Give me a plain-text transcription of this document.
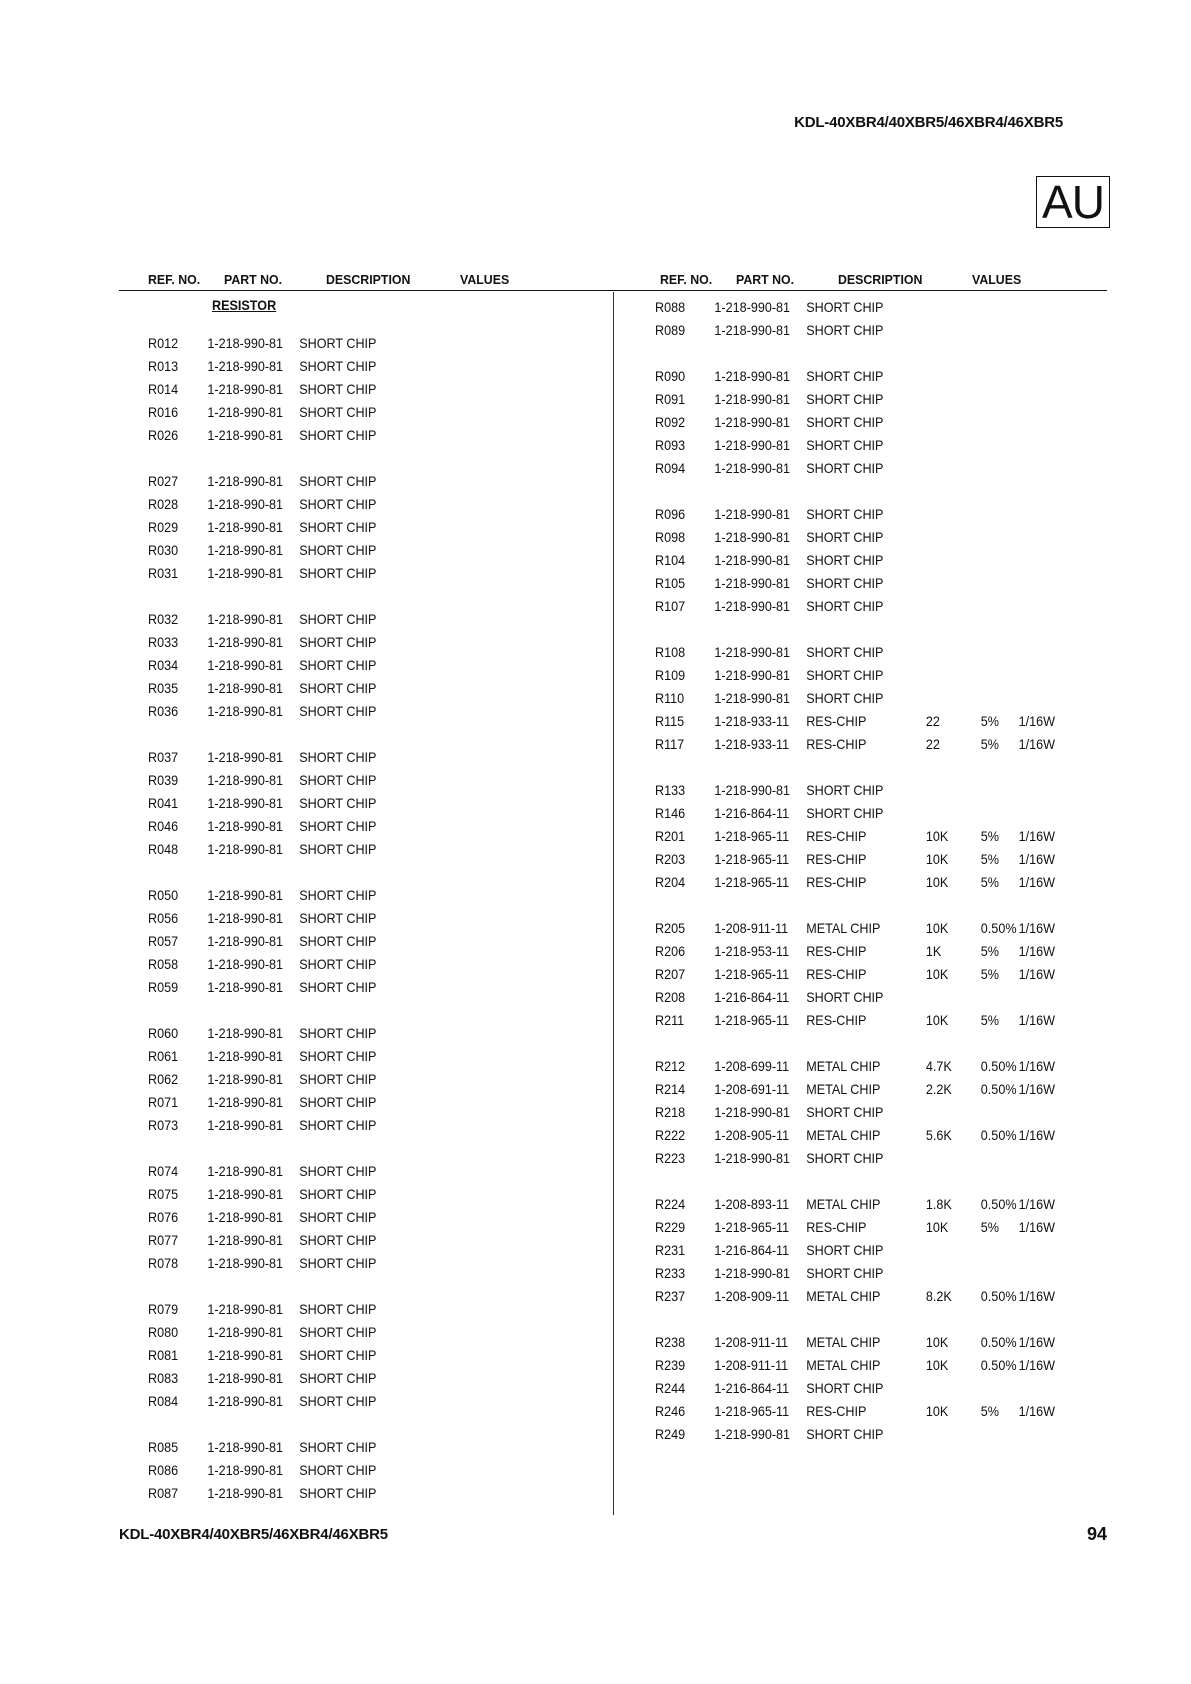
KDL-40XBR4/40XBR5/46XBR4/46XBR5
AU
REF. NO. PART NO.	DESCRIPTION	VALUES	REF. NO. PART NO.	DESCRIPTION	VALUES
RESISTOR
R012 1-218-990-81 SHORT CHIP
R013 1-218-990-81 SHORT CHIP
R014 1-218-990-81 SHORT CHIP
R016 1-218-990-81 SHORT CHIP
R026 1-218-990-81 SHORT CHIP
R027 1-218-990-81 SHORT CHIP
R028 1-218-990-81 SHORT CHIP
R029 1-218-990-81 SHORT CHIP
R030 1-218-990-81 SHORT CHIP
R031 1-218-990-81 SHORT CHIP
R032 1-218-990-81 SHORT CHIP
R033 1-218-990-81 SHORT CHIP
R034 1-218-990-81 SHORT CHIP
R035 1-218-990-81 SHORT CHIP
R036 1-218-990-81 SHORT CHIP
R037 1-218-990-81 SHORT CHIP
R039 1-218-990-81 SHORT CHIP
R041 1-218-990-81 SHORT CHIP
R046 1-218-990-81 SHORT CHIP
R048 1-218-990-81 SHORT CHIP
R050 1-218-990-81 SHORT CHIP
R056 1-218-990-81 SHORT CHIP
R057 1-218-990-81 SHORT CHIP
R058 1-218-990-81 SHORT CHIP
R059 1-218-990-81 SHORT CHIP
R060 1-218-990-81 SHORT CHIP
R061 1-218-990-81 SHORT CHIP
R062 1-218-990-81 SHORT CHIP
R071 1-218-990-81 SHORT CHIP
R073 1-218-990-81 SHORT CHIP
R074 1-218-990-81 SHORT CHIP
R075 1-218-990-81 SHORT CHIP
R076 1-218-990-81 SHORT CHIP
R077 1-218-990-81 SHORT CHIP
R078 1-218-990-81 SHORT CHIP
R079 1-218-990-81 SHORT CHIP
R080 1-218-990-81 SHORT CHIP
R081 1-218-990-81 SHORT CHIP
R083 1-218-990-81 SHORT CHIP
R084 1-218-990-81 SHORT CHIP
R085 1-218-990-81 SHORT CHIP
R086 1-218-990-81 SHORT CHIP
R087 1-218-990-81 SHORT CHIP
R088 1-218-990-81 SHORT CHIP
R089 1-218-990-81 SHORT CHIP
R090 1-218-990-81 SHORT CHIP
R091 1-218-990-81 SHORT CHIP
R092 1-218-990-81 SHORT CHIP
R093 1-218-990-81 SHORT CHIP
R094 1-218-990-81 SHORT CHIP
R096 1-218-990-81 SHORT CHIP
R098 1-218-990-81 SHORT CHIP
R104 1-218-990-81 SHORT CHIP
R105 1-218-990-81 SHORT CHIP
R107 1-218-990-81 SHORT CHIP
R108 1-218-990-81 SHORT CHIP
R109 1-218-990-81 SHORT CHIP
R110 1-218-990-81 SHORT CHIP
R115 1-218-933-11 RES-CHIP	22	5% 1/16W
R117 1-218-933-11 RES-CHIP	22	5% 1/16W
R133 1-218-990-81 SHORT CHIP
R146 1-216-864-11 SHORT CHIP
R201 1-218-965-11 RES-CHIP	10K 5% 1/16W
R203 1-218-965-11 RES-CHIP	10K 5% 1/16W
R204 1-218-965-11 RES-CHIP	10K 5% 1/16W
R205 1-208-911-11 METAL CHIP	10K 0.50% 1/16W
R206 1-218-953-11 RES-CHIP	1K	5% 1/16W
R207 1-218-965-11 RES-CHIP	10K 5% 1/16W
R208 1-216-864-11 SHORT CHIP
R211 1-218-965-11 RES-CHIP	10K 5% 1/16W
R212 1-208-699-11 METAL CHIP	4.7K 0.50% 1/16W
R214 1-208-691-11 METAL CHIP	2.2K 0.50% 1/16W
R218 1-218-990-81 SHORT CHIP
R222 1-208-905-11 METAL CHIP	5.6K 0.50% 1/16W
R223 1-218-990-81 SHORT CHIP
R224 1-208-893-11 METAL CHIP	1.8K 0.50% 1/16W
R229 1-218-965-11 RES-CHIP	10K 5% 1/16W
R231 1-216-864-11 SHORT CHIP
R233 1-218-990-81 SHORT CHIP
R237 1-208-909-11 METAL CHIP	8.2K 0.50% 1/16W
R238 1-208-911-11 METAL CHIP	10K 0.50% 1/16W
R239 1-208-911-11 METAL CHIP	10K 0.50% 1/16W
R244 1-216-864-11 SHORT CHIP
R246 1-218-965-11 RES-CHIP	10K 5% 1/16W
R249 1-218-990-81 SHORT CHIP
KDL-40XBR4/40XBR5/46XBR4/46XBR5	94
